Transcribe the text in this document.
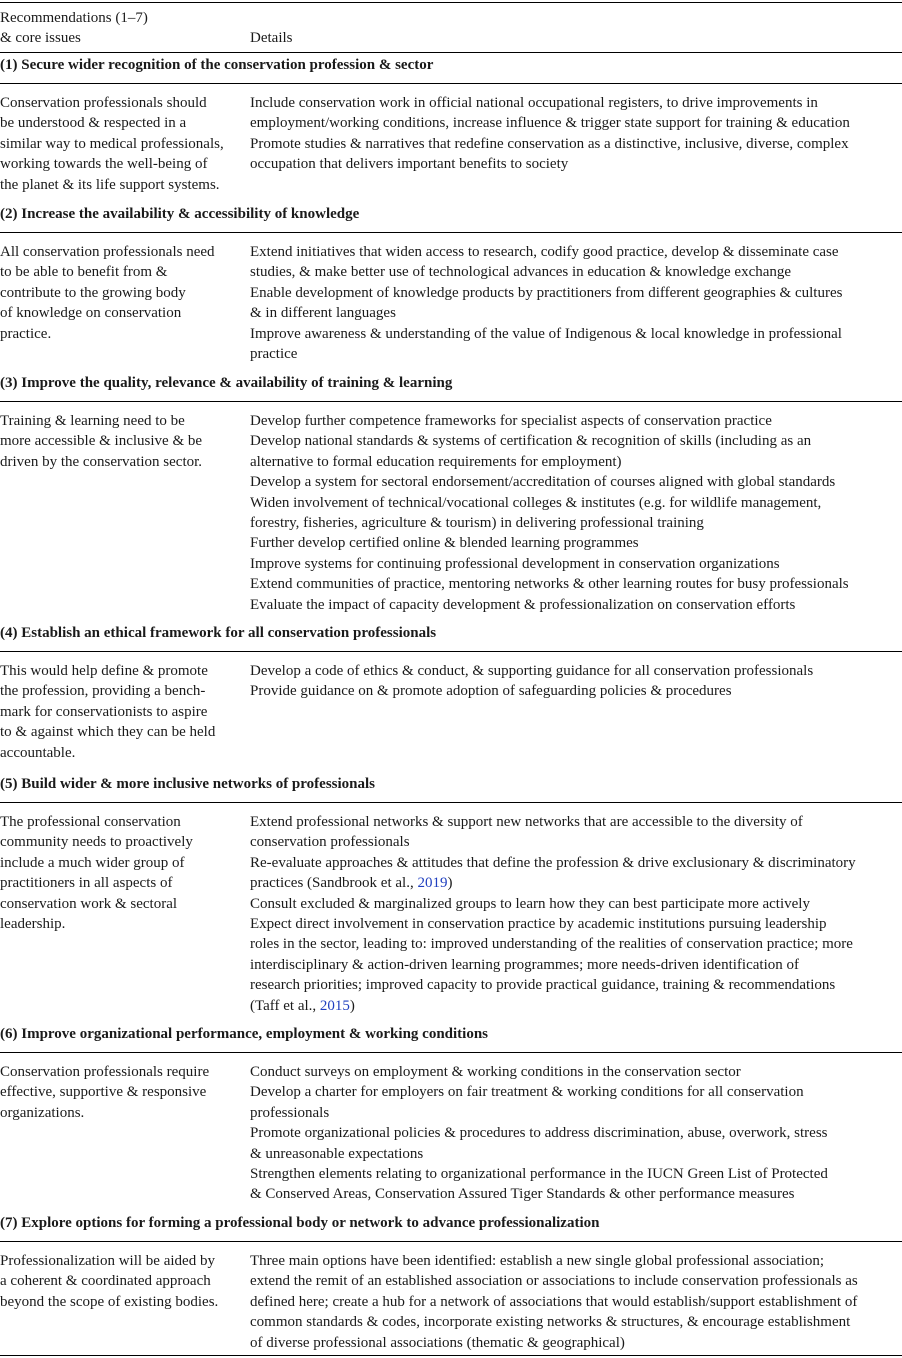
Recommendations (1–7)
& core issues	Details
(1) Secure wider recognition of the conservation profession & sector
Conservation professionals should
be understood & respected in a
similar way to medical professionals,
working towards the well-being of
the planet & its life support systems.
Include conservation work in official national occupational registers, to drive improvements in
employment/working conditions, increase influence & trigger state support for training & education
Promote studies & narratives that redefine conservation as a distinctive, inclusive, diverse, complex
occupation that delivers important benefits to society
(2) Increase the availability & accessibility of knowledge
All conservation professionals need
to be able to benefit from &
contribute to the growing body
of knowledge on conservation
practice.
Extend initiatives that widen access to research, codify good practice, develop & disseminate case
studies, & make better use of technological advances in education & knowledge exchange
Enable development of knowledge products by practitioners from different geographies & cultures
& in different languages
Improve awareness & understanding of the value of Indigenous & local knowledge in professional
practice
(3) Improve the quality, relevance & availability of training & learning
Training & learning need to be
more accessible & inclusive & be
driven by the conservation sector.
Develop further competence frameworks for specialist aspects of conservation practice
Develop national standards & systems of certification & recognition of skills (including as an
alternative to formal education requirements for employment)
Develop a system for sectoral endorsement/accreditation of courses aligned with global standards
Widen involvement of technical/vocational colleges & institutes (e.g. for wildlife management,
forestry, fisheries, agriculture & tourism) in delivering professional training
Further develop certified online & blended learning programmes
Improve systems for continuing professional development in conservation organizations
Extend communities of practice, mentoring networks & other learning routes for busy professionals
Evaluate the impact of capacity development & professionalization on conservation efforts
(4) Establish an ethical framework for all conservation professionals
This would help define & promote
the profession, providing a bench-
mark for conservationists to aspire
to & against which they can be held
accountable.
Develop a code of ethics & conduct, & supporting guidance for all conservation professionals
Provide guidance on & promote adoption of safeguarding policies & procedures
(5) Build wider & more inclusive networks of professionals
The professional conservation
community needs to proactively
include a much wider group of
practitioners in all aspects of
conservation work & sectoral
leadership.
Extend professional networks & support new networks that are accessible to the diversity of
conservation professionals
Re-evaluate approaches & attitudes that define the profession & drive exclusionary & discriminatory
practices (Sandbrook et al., 2019)
Consult excluded & marginalized groups to learn how they can best participate more actively
Expect direct involvement in conservation practice by academic institutions pursuing leadership
roles in the sector, leading to: improved understanding of the realities of conservation practice; more
interdisciplinary & action-driven learning programmes; more needs-driven identification of
research priorities; improved capacity to provide practical guidance, training & recommendations
(Taff et al., 2015)
(6) Improve organizational performance, employment & working conditions
Conservation professionals require
effective, supportive & responsive
organizations.
Conduct surveys on employment & working conditions in the conservation sector
Develop a charter for employers on fair treatment & working conditions for all conservation
professionals
Promote organizational policies & procedures to address discrimination, abuse, overwork, stress
& unreasonable expectations
Strengthen elements relating to organizational performance in the IUCN Green List of Protected
& Conserved Areas, Conservation Assured Tiger Standards & other performance measures
(7) Explore options for forming a professional body or network to advance professionalization
Professionalization will be aided by
a coherent & coordinated approach
beyond the scope of existing bodies.
Three main options have been identified: establish a new single global professional association;
extend the remit of an established association or associations to include conservation professionals as
defined here; create a hub for a network of associations that would establish/support establishment of
common standards & codes, incorporate existing networks & structures, & encourage establishment
of diverse professional associations (thematic & geographical)
